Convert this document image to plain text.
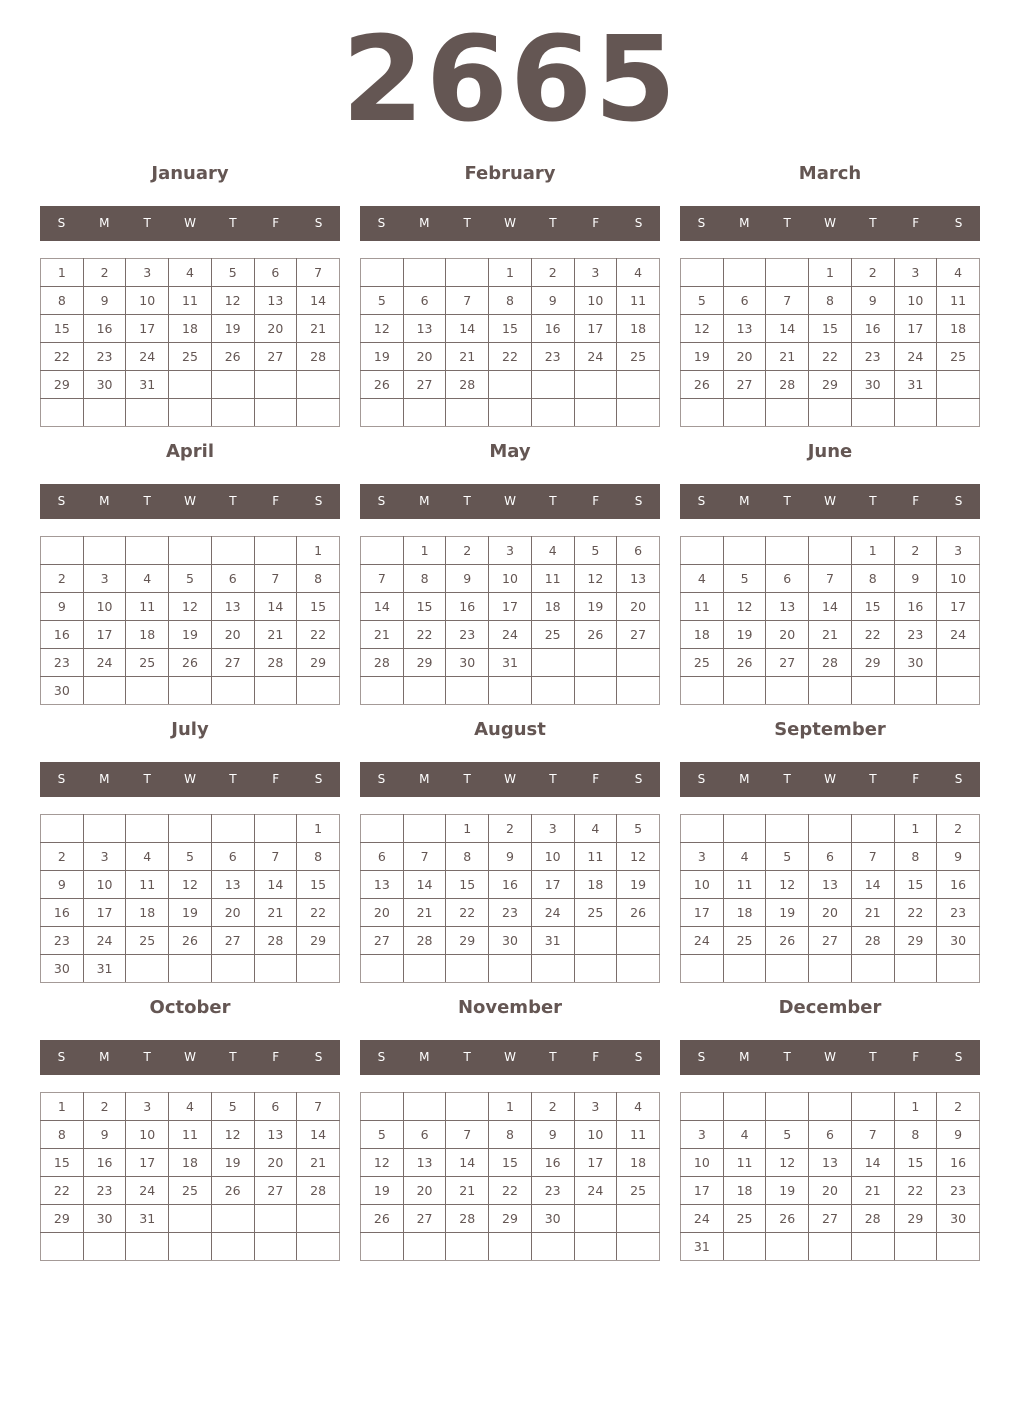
2665
January
S	M	T	W	T	F	S
1	2	3	4	5	6	7
8	9	10	11	12	13	14
15	16	17	18	19	20	21
22	23	24	25	26	27	28
29	30	31				

February
S	M	T	W	T	F	S
			1	2	3	4
5	6	7	8	9	10	11
12	13	14	15	16	17	18
19	20	21	22	23	24	25
26	27	28				

March
S	M	T	W	T	F	S
			1	2	3	4
5	6	7	8	9	10	11
12	13	14	15	16	17	18
19	20	21	22	23	24	25
26	27	28	29	30	31	

April
S	M	T	W	T	F	S
						1
2	3	4	5	6	7	8
9	10	11	12	13	14	15
16	17	18	19	20	21	22
23	24	25	26	27	28	29
30						
May
S	M	T	W	T	F	S
	1	2	3	4	5	6
7	8	9	10	11	12	13
14	15	16	17	18	19	20
21	22	23	24	25	26	27
28	29	30	31			

June
S	M	T	W	T	F	S
				1	2	3
4	5	6	7	8	9	10
11	12	13	14	15	16	17
18	19	20	21	22	23	24
25	26	27	28	29	30	

July
S	M	T	W	T	F	S
						1
2	3	4	5	6	7	8
9	10	11	12	13	14	15
16	17	18	19	20	21	22
23	24	25	26	27	28	29
30	31					
August
S	M	T	W	T	F	S
		1	2	3	4	5
6	7	8	9	10	11	12
13	14	15	16	17	18	19
20	21	22	23	24	25	26
27	28	29	30	31		

September
S	M	T	W	T	F	S
					1	2
3	4	5	6	7	8	9
10	11	12	13	14	15	16
17	18	19	20	21	22	23
24	25	26	27	28	29	30

October
S	M	T	W	T	F	S
1	2	3	4	5	6	7
8	9	10	11	12	13	14
15	16	17	18	19	20	21
22	23	24	25	26	27	28
29	30	31				

November
S	M	T	W	T	F	S
			1	2	3	4
5	6	7	8	9	10	11
12	13	14	15	16	17	18
19	20	21	22	23	24	25
26	27	28	29	30		

December
S	M	T	W	T	F	S
					1	2
3	4	5	6	7	8	9
10	11	12	13	14	15	16
17	18	19	20	21	22	23
24	25	26	27	28	29	30
31						
